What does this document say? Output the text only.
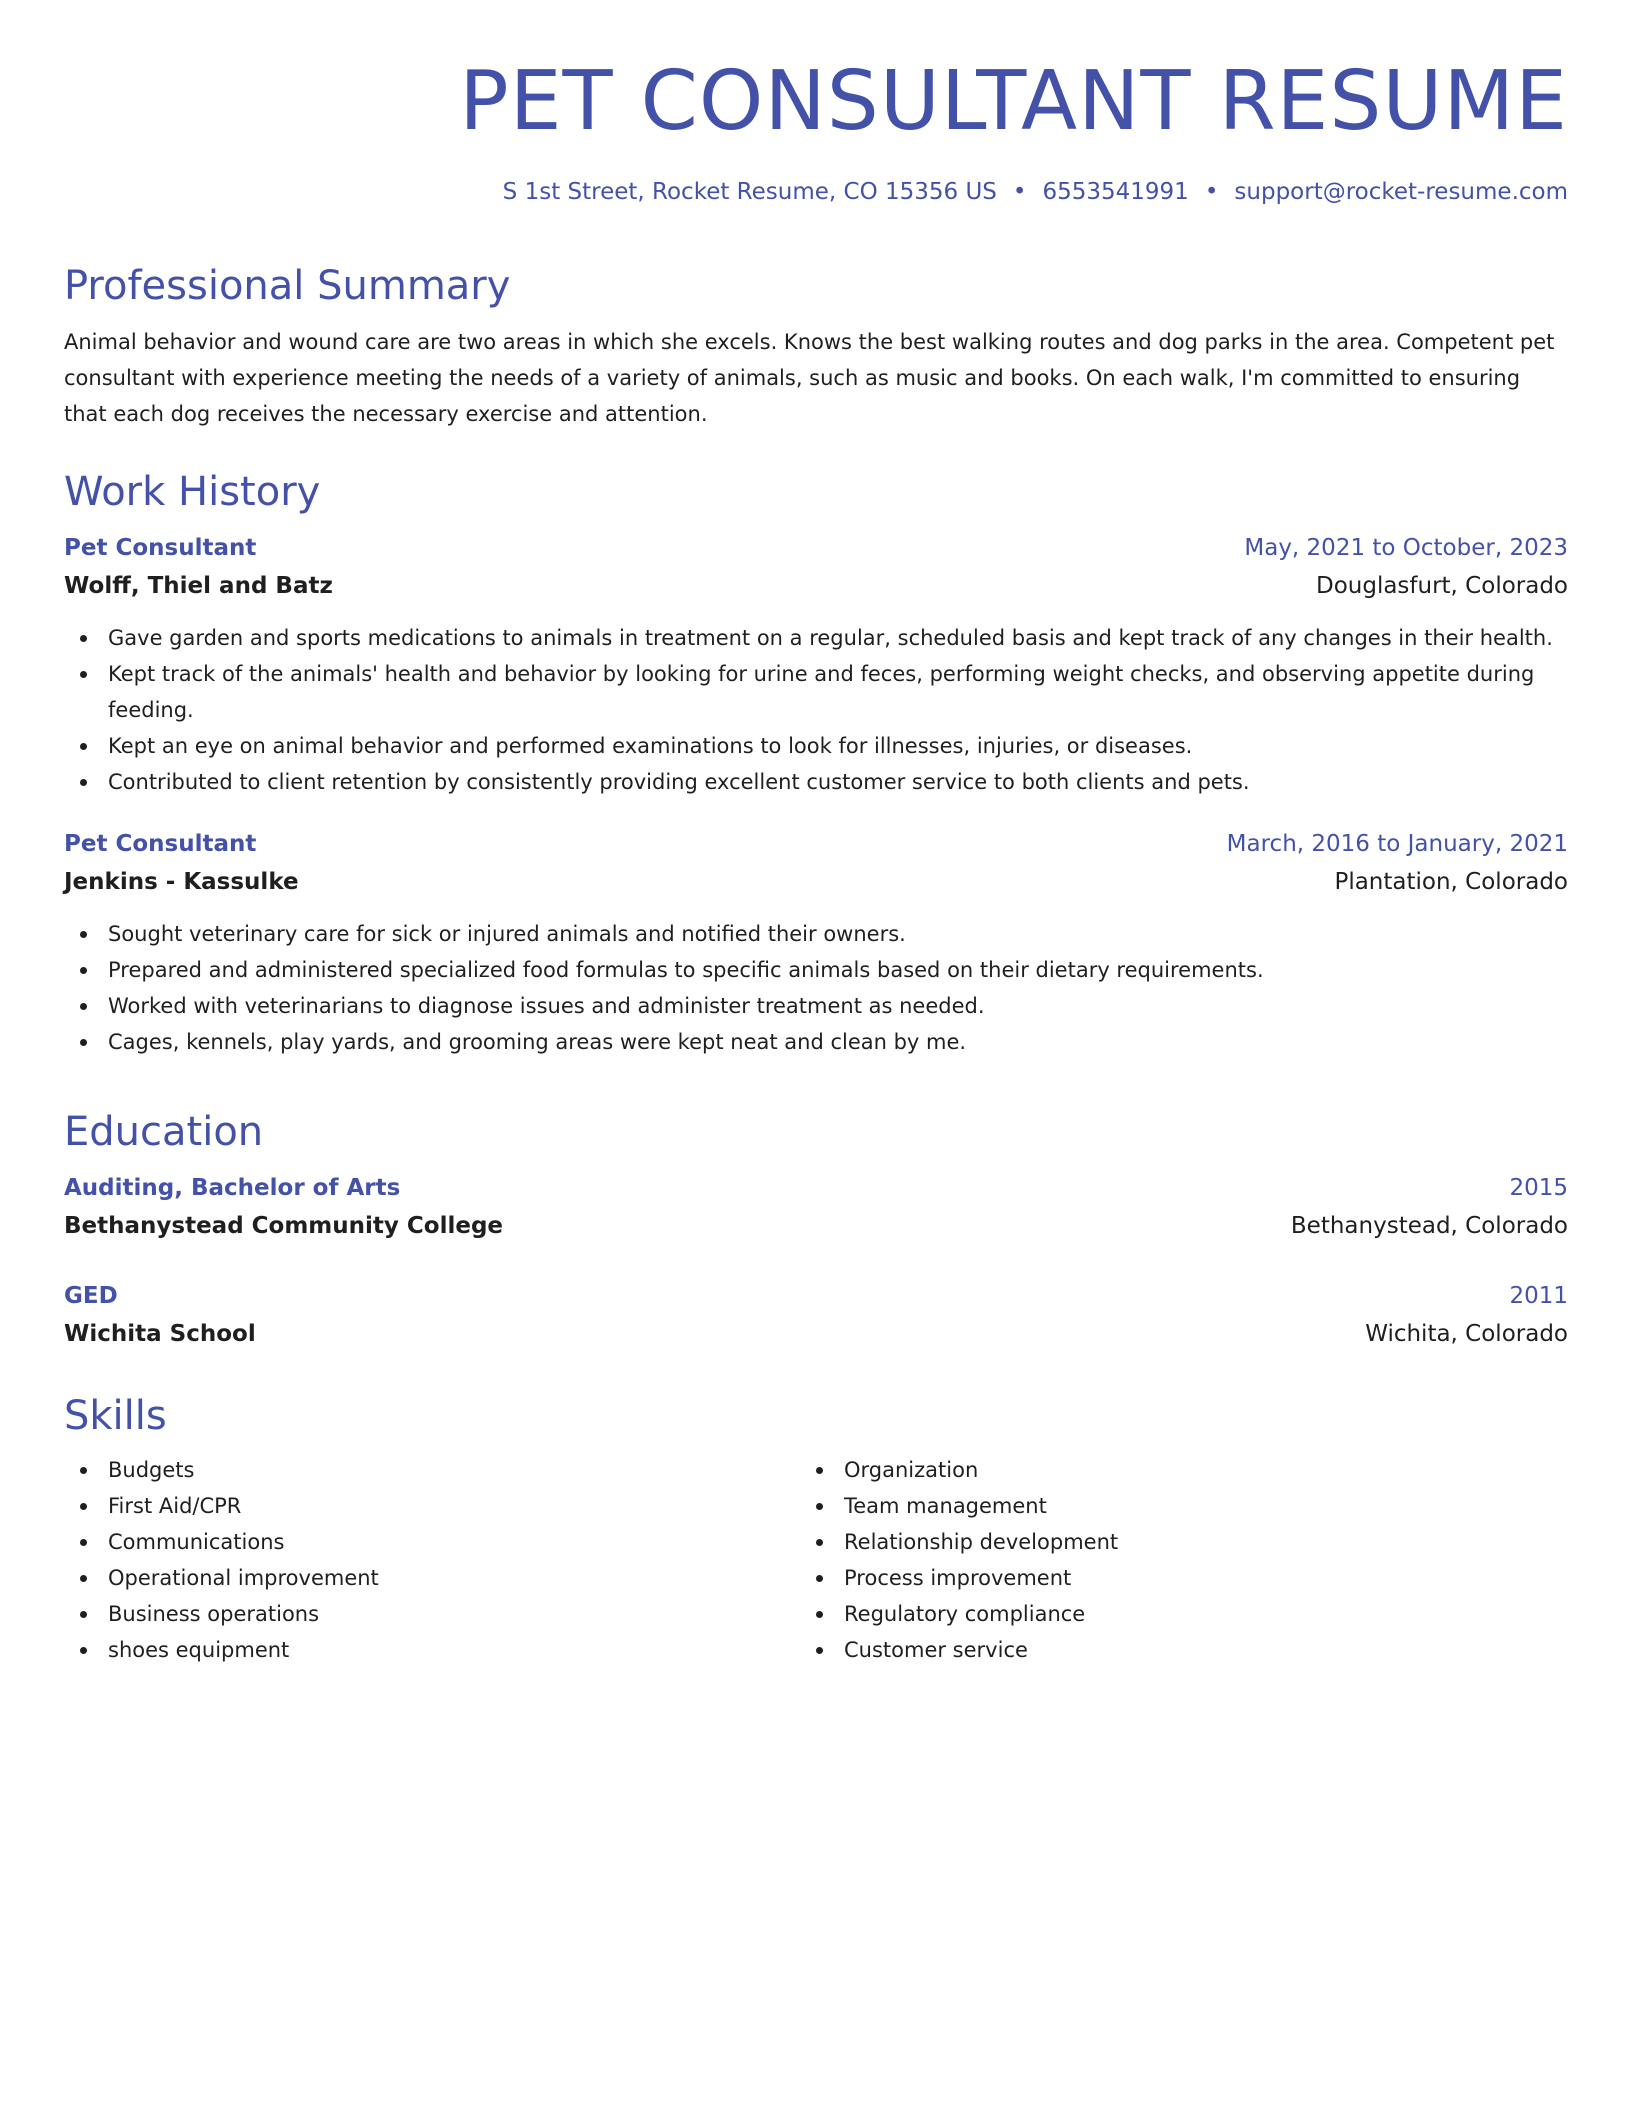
PET CONSULTANT RESUME
S 1st Street, Rocket Resume, CO 15356 US • 6553541991 • support@rocket-resume.com
Professional Summary

Animal behavior and wound care are two areas in which she excels. Knows the best walking routes and dog parks in the area. Competent pet consultant with experience meeting the needs of a variety of animals, such as music and books. On each walk, I'm committed to ensuring that each dog receives the necessary exercise and attention.

Work History
Pet Consultant	May, 2021 to October, 2023
Wolff, Thiel and Batz	Douglasfurt, Colorado
Gave garden and sports medications to animals in treatment on a regular, scheduled basis and kept track of any changes in their health.
Kept track of the animals' health and behavior by looking for urine and feces, performing weight checks, and observing appetite during feeding.
Kept an eye on animal behavior and performed examinations to look for illnesses, injuries, or diseases.
Contributed to client retention by consistently providing excellent customer service to both clients and pets.
Pet Consultant	March, 2016 to January, 2021
Jenkins - Kassulke	Plantation, Colorado
Sought veterinary care for sick or injured animals and notified their owners.
Prepared and administered specialized food formulas to specific animals based on their dietary requirements.
Worked with veterinarians to diagnose issues and administer treatment as needed.
Cages, kennels, play yards, and grooming areas were kept neat and clean by me.
Education
Auditing, Bachelor of Arts	2015
Bethanystead Community College	Bethanystead, Colorado
GED	2011
Wichita School	Wichita, Colorado
Skills
Budgets
First Aid/CPR
Communications
Operational improvement
Business operations
shoes equipment
Organization
Team management
Relationship development
Process improvement
Regulatory compliance
Customer service
